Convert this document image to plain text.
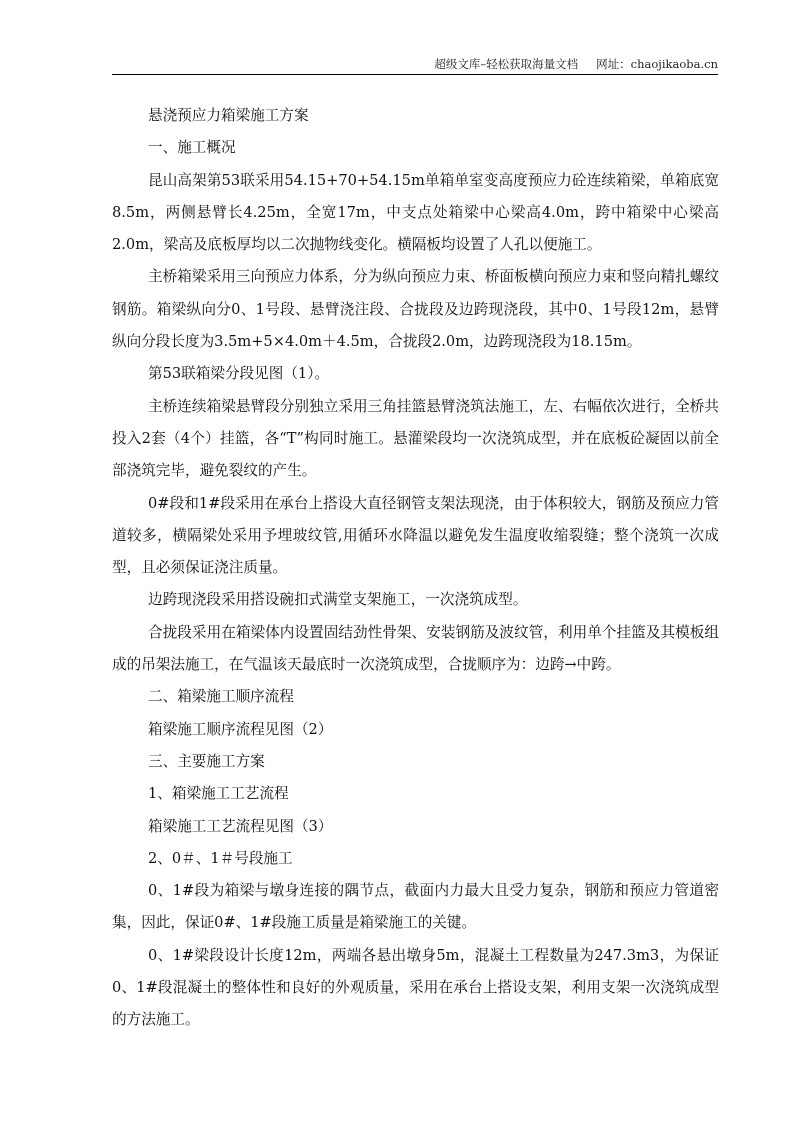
超级文库–轻松获取海量文档 网址：chaojikaoba.cn

悬浇预应力箱梁施工方案

一、施工概况

昆山高架第53联采用54.15+70+54.15m单箱单室变高度预应力砼连续箱梁，单箱底宽8.5m，两侧悬臂长4.25m，全宽17m，中支点处箱梁中心梁高4.0m，跨中箱梁中心梁高2.0m，梁高及底板厚均以二次抛物线变化。横隔板均设置了人孔以便施工。

主桥箱梁采用三向预应力体系，分为纵向预应力束、桥面板横向预应力束和竖向精扎螺纹钢筋。箱梁纵向分0、1号段、悬臂浇注段、合拢段及边跨现浇段，其中0、1号段12m，悬臂纵向分段长度为3.5m+5×4.0m＋4.5m，合拢段2.0m，边跨现浇段为18.15m。

第53联箱梁分段见图（1）。

主桥连续箱梁悬臂段分别独立采用三角挂篮悬臂浇筑法施工，左、右幅依次进行，全桥共投入2套（4个）挂篮，各“T”构同时施工。悬灌梁段均一次浇筑成型，并在底板砼凝固以前全部浇筑完毕，避免裂纹的产生。

0#段和1#段采用在承台上搭设大直径钢管支架法现浇，由于体积较大，钢筋及预应力管道较多，横隔梁处采用予埋玻纹管,用循环水降温以避免发生温度收缩裂缝；整个浇筑一次成型，且必须保证浇注质量。

边跨现浇段采用搭设碗扣式满堂支架施工，一次浇筑成型。

合拢段采用在箱梁体内设置固结劲性骨架、安装钢筋及波纹管，利用单个挂篮及其模板组成的吊架法施工，在气温该天最底时一次浇筑成型，合拢顺序为：边跨→中跨。

二、箱梁施工顺序流程

箱梁施工顺序流程见图（2）

三、主要施工方案

1、箱梁施工工艺流程

箱梁施工工艺流程见图（3）

2、0＃、1＃号段施工

0、1#段为箱梁与墩身连接的隅节点，截面内力最大且受力复杂，钢筋和预应力管道密集，因此，保证0#、1#段施工质量是箱梁施工的关键。

0、1#梁段设计长度12m，两端各悬出墩身5m，混凝土工程数量为247.3m3，为保证0、1#段混凝土的整体性和良好的外观质量，采用在承台上搭设支架，利用支架一次浇筑成型的方法施工。
